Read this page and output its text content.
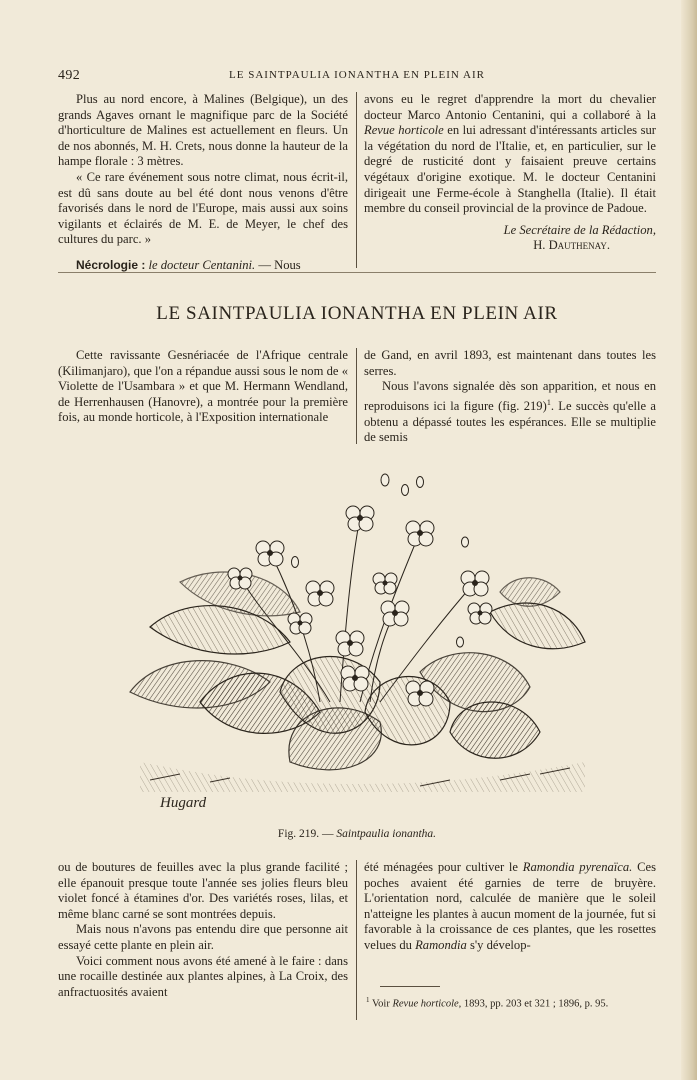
492	LE SAINTPAULIA IONANTHA EN PLEIN AIR

Plus au nord encore, à Malines (Belgique), un des grands Agaves ornant le magnifique parc de la Société d'horticulture de Malines est actuellement en fleurs. Un de nos abonnés, M. H. Crets, nous donne la hauteur de la hampe florale : 3 mètres.

« Ce rare événement sous notre climat, nous écrit-il, est dû sans doute au bel été dont nous venons d'être favorisés dans le nord de l'Europe, mais aussi aux soins vigilants et éclairés de M. E. de Meyer, le chef des cultures du parc. »

Nécrologie : le docteur Centanini. — Nous

avons eu le regret d'apprendre la mort du chevalier docteur Marco Antonio Centanini, qui a collaboré à la Revue horticole en lui adressant d'intéressants articles sur la végétation du nord de l'Italie, et, en particulier, sur le degré de rusticité dont y faisaient preuve certains végétaux d'origine exotique. M. le docteur Centanini dirigeait une Ferme-école à Stanghella (Italie). Il était membre du conseil provincial de la province de Padoue.

Le Secrétaire de la Rédaction,

H. Dauthenay.

LE SAINTPAULIA IONANTHA EN PLEIN AIR

Cette ravissante Gesnériacée de l'Afrique centrale (Kilimanjaro), que l'on a répandue aussi sous le nom de « Violette de l'Usambara » et que M. Hermann Wendland, de Herrenhausen (Hanovre), a montrée pour la première fois, au monde horticole, à l'Exposition internationale

de Gand, en avril 1893, est maintenant dans toutes les serres.

Nous l'avons signalée dès son apparition, et nous en reproduisons ici la figure (fig. 219)$^1$. Le succès qu'elle a obtenu a dépassé toutes les espérances. Elle se multiplie de semis

Hugard
Fig. 219. — Saintpaulia ionantha.

ou de boutures de feuilles avec la plus grande facilité ; elle épanouit presque toute l'année ses jolies fleurs bleu violet foncé à étamines d'or. Des variétés roses, lilas, et même blanc carné se sont montrées depuis.

Mais nous n'avons pas entendu dire que personne ait essayé cette plante en plein air.

Voici comment nous avons été amené à le faire : dans une rocaille destinée aux plantes alpines, à La Croix, des anfractuosités avaient

été ménagées pour cultiver le Ramondia pyrenaïca. Ces poches avaient été garnies de terre de bruyère. L'orientation nord, calculée de manière que le soleil n'atteigne les plantes à aucun moment de la journée, fut si favorable à la croissance de ces plantes, que les rosettes velues du Ramondia s'y dévelop-

$^1$ Voir Revue horticole, 1893, pp. 203 et 321 ; 1896, p. 95.
